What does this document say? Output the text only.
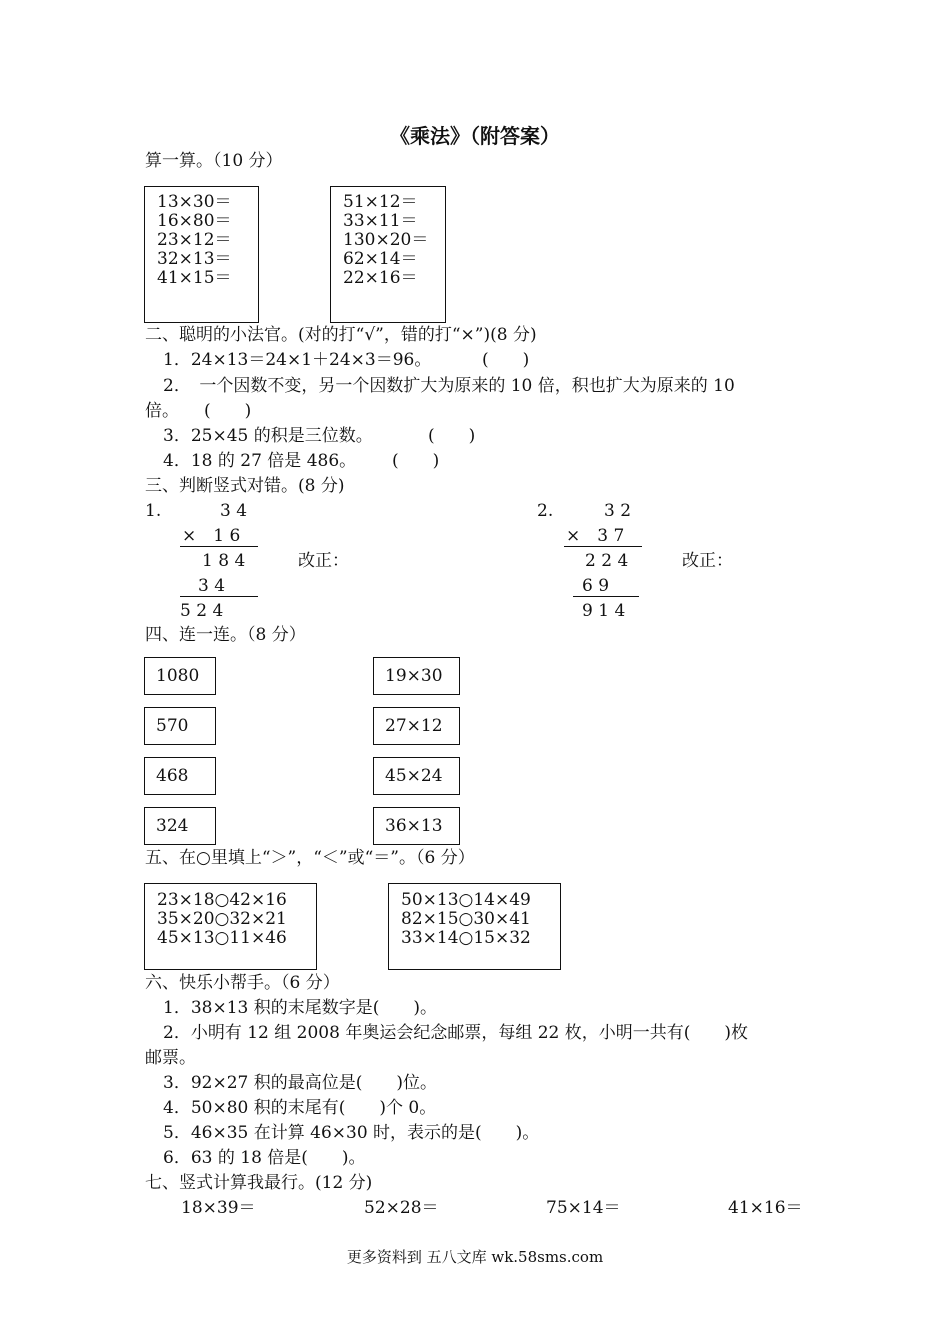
《乘法》（附答案）
算一算。（10 分）
13×30＝
16×80＝
23×12＝
32×13＝
41×15＝
51×12＝
33×11＝
130×20＝
62×14＝
22×16＝
二、聪明的小法官。(对的打“√”，错的打“×”)(8 分)
1．24×13＝24×1＋24×3＝96。	(　　)
2．　一个因数不变，另一个因数扩大为原来的 10 倍，积也扩大为原来的 10
倍。 (　　)
3．25×45 的积是三位数。	(　　)
4．18 的 27 倍是 486。 (　　)
三、判断竖式对错。(8 分)
1.	3 4
×　1 6
1 8 4	改正：
3 4
5 2 4
2.	3 2
×　3 7
2 2 4	改正：
6 9
9 1 4
四、连一连。（8 分）
1080
570
468
324
19×30
27×12
45×24
36×13
五、在○里填上“＞”，“＜”或“＝”。（6 分）
23×18○42×16
35×20○32×21
45×13○11×46
50×13○14×49
82×15○30×41
33×14○15×32
六、快乐小帮手。（6 分）
1．38×13 积的末尾数字是(　　)。
2．小明有 12 组 2008 年奥运会纪念邮票，每组 22 枚，小明一共有(　　)枚
邮票。
3．92×27 积的最高位是(　　)位。
4．50×80 积的末尾有(　　)个 0。
5．46×35 在计算 46×30 时，表示的是(　　)。
6．63 的 18 倍是(　　)。
七、竖式计算我最行。(12 分)
18×39＝	52×28＝	75×14＝	41×16＝
更多资料到 五八文库 wk.58sms.com
